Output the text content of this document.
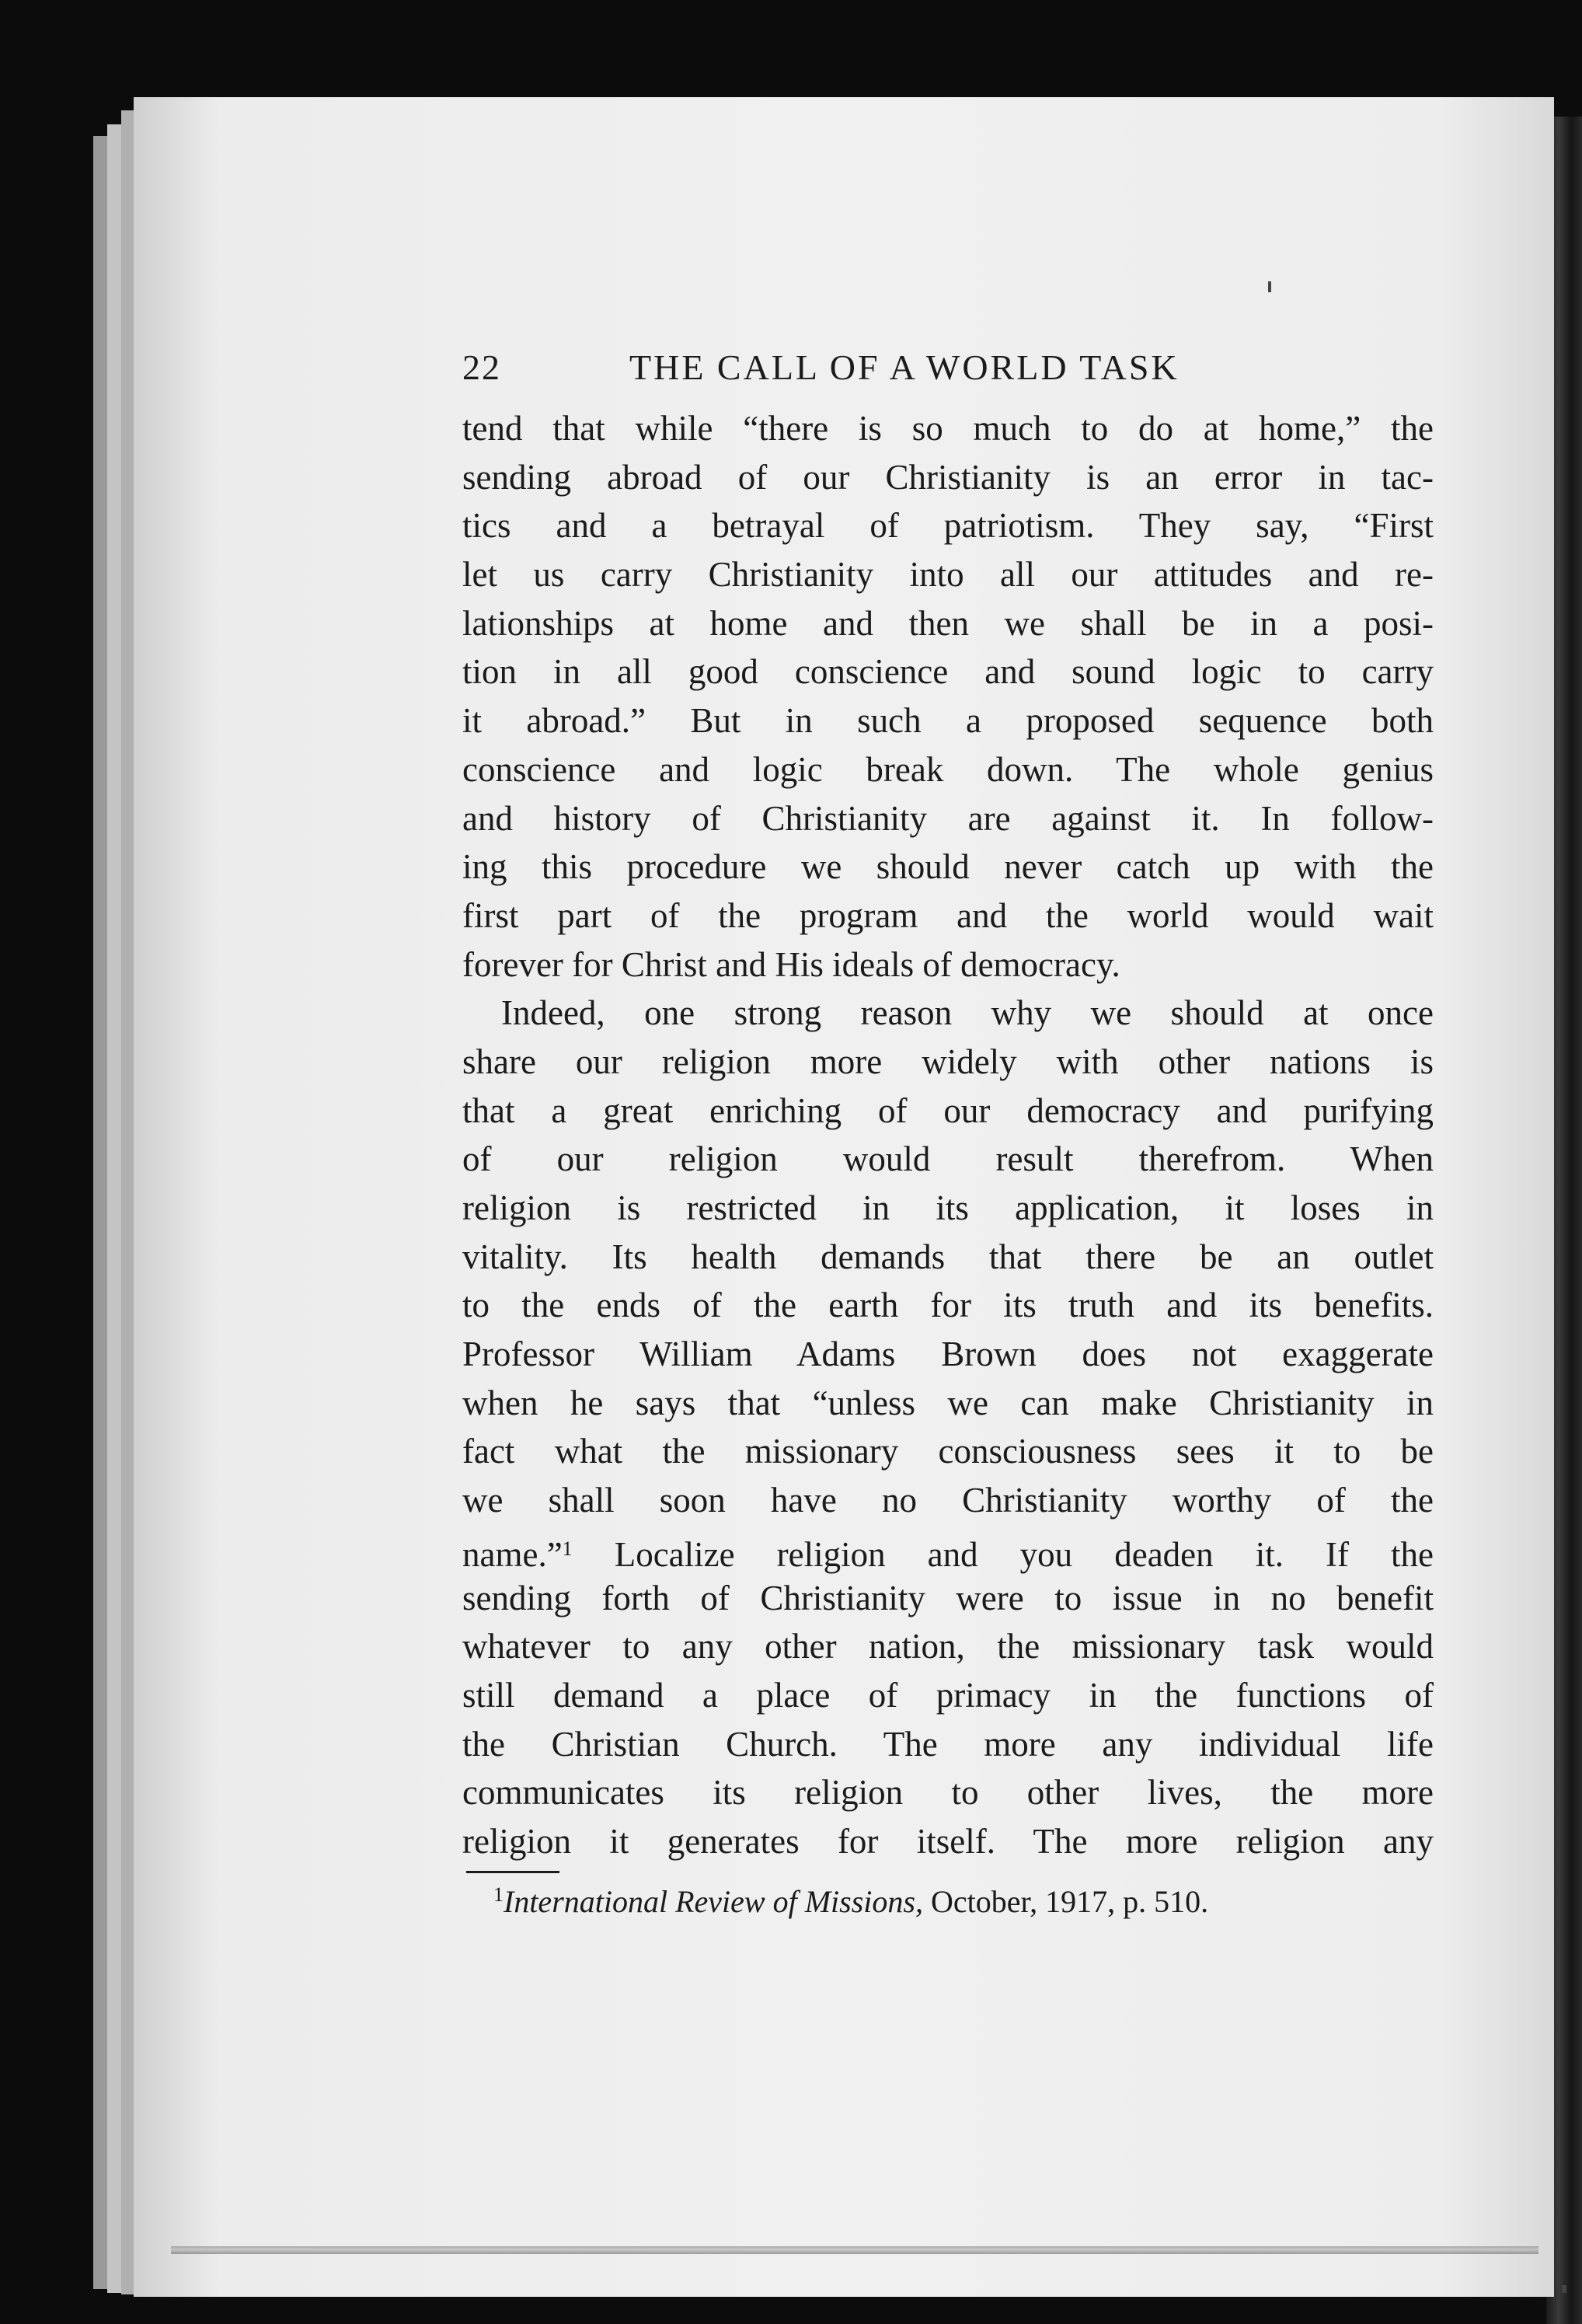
22	THE CALL OF A WORLD TASK
tend that while “there is so much to do at home,” the
sending abroad of our Christianity is an error in tac-
tics and a betrayal of patriotism. They say, “First
let us carry Christianity into all our attitudes and re-
lationships at home and then we shall be in a posi-
tion in all good conscience and sound logic to carry
it abroad.” But in such a proposed sequence both
conscience and logic break down. The whole genius
and history of Christianity are against it. In follow-
ing this procedure we should never catch up with the
first part of the program and the world would wait
forever for Christ and His ideals of democracy.
Indeed, one strong reason why we should at once
share our religion more widely with other nations is
that a great enriching of our democracy and purifying
of our religion would result therefrom. When
religion is restricted in its application, it loses in
vitality. Its health demands that there be an outlet
to the ends of the earth for its truth and its benefits.
Professor William Adams Brown does not exaggerate
when he says that “unless we can make Christianity in
fact what the missionary consciousness sees it to be
we shall soon have no Christianity worthy of the
name.”$^1$ Localize religion and you deaden it. If the
sending forth of Christianity were to issue in no benefit
whatever to any other nation, the missionary task would
still demand a place of primacy in the functions of
the Christian Church. The more any individual life
communicates its religion to other lives, the more
religion it generates for itself. The more religion any
$^1$International Review of Missions, October, 1917, p. 510.
